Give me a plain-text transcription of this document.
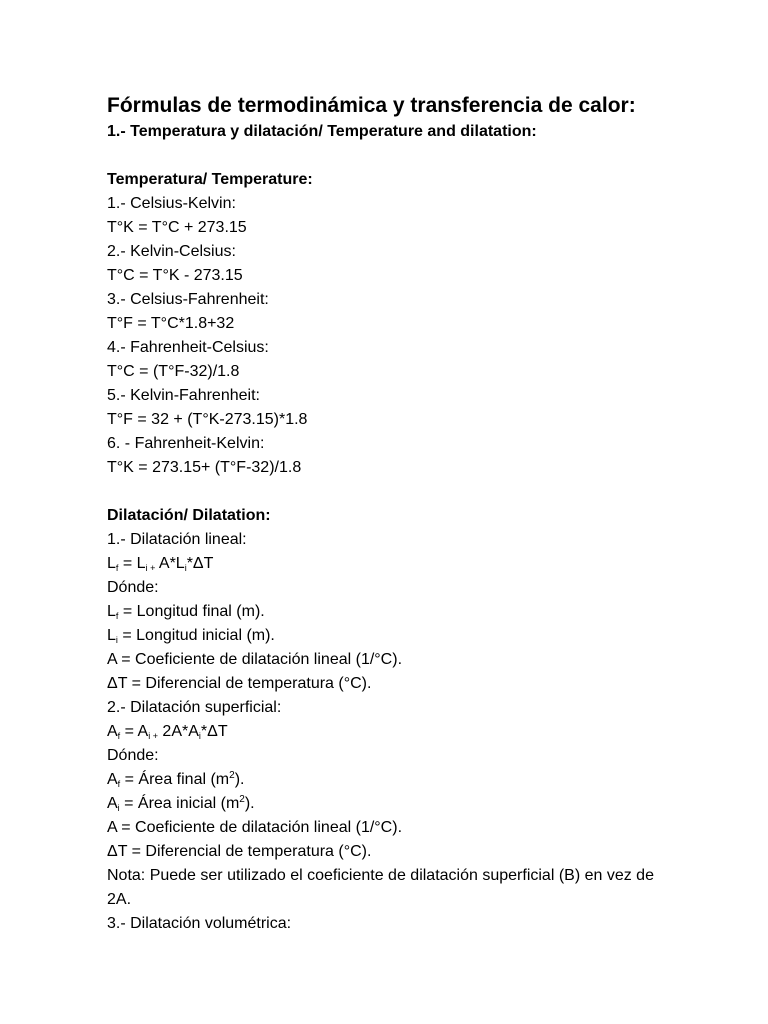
Fórmulas de termodinámica y transferencia de calor:

1.- Temperatura y dilatación/ Temperature and dilatation:

Temperatura/ Temperature:

1.- Celsius-Kelvin:

T°K = T°C + 273.15

2.- Kelvin-Celsius:

T°C = T°K - 273.15

3.- Celsius-Fahrenheit:

T°F = T°C*1.8+32

4.- Fahrenheit-Celsius:

T°C = (T°F-32)/1.8

5.- Kelvin-Fahrenheit:

T°F = 32 + (T°K-273.15)*1.8

6. - Fahrenheit-Kelvin:

T°K = 273.15+ (T°F-32)/1.8

Dilatación/ Dilatation:

1.- Dilatación lineal:

$L_f = L_{i +}$ $A*L_i*\Delta T$

Dónde:

$L_f$ = Longitud final (m).

$L_i$ = Longitud inicial (m).

A = Coeficiente de dilatación lineal (1/°C).

ΔT = Diferencial de temperatura (°C).

2.- Dilatación superficial:

$A_f = A_{i +}$ $2A*A_i*\Delta T$

Dónde:

$A_f$ = Área final $(m^2)$.

$A_i$ = Área inicial $(m^2)$.

A = Coeficiente de dilatación lineal (1/°C).

ΔT = Diferencial de temperatura (°C).

Nota: Puede ser utilizado el coeficiente de dilatación superficial (B) en vez de 2A.

3.- Dilatación volumétrica:
